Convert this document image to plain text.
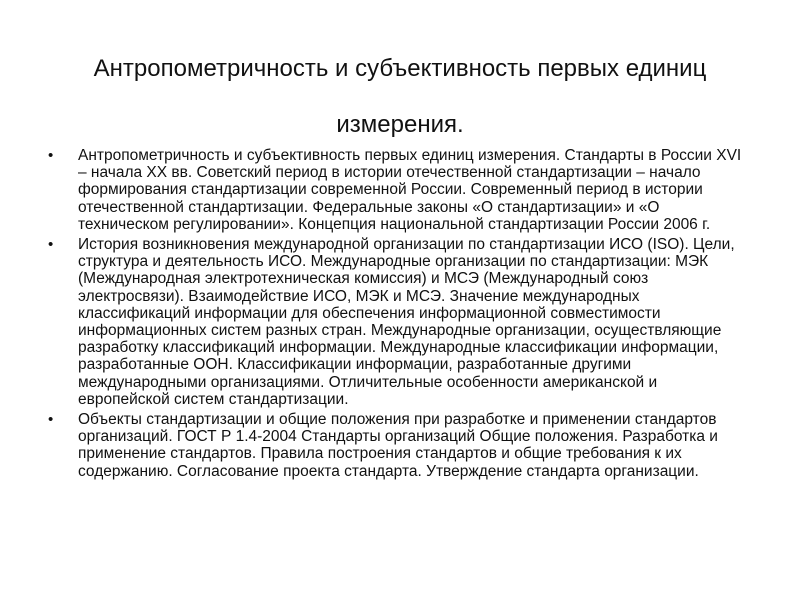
Антропометричность и субъективность первых единиц
измерения.
•	Антропометричность и субъективность первых единиц измерения. Стандарты в России XVI – начала XX вв. Советский период в истории отечественной стандартизации – начало формирования стандартизации современной России. Современный период в истории отечественной стандартизации. Федеральные законы «О стандартизации» и «О техническом регулировании». Концепция национальной стандартизации России 2006 г.
•	История возникновения международной организации по стандартизации ИСО (ISO). Цели, структура и деятельность ИСО. Международные организации по стандартизации: МЭК (Международная электротехническая комиссия) и МСЭ (Международный союз электросвязи). Взаимодействие ИСО, МЭК и МСЭ. Значение международных классификаций информации для обеспечения информационной совместимости информационных систем разных стран. Международные организации, осуществляющие разработку классификаций информации. Международные классификации информации, разработанные ООН. Классификации информации, разработанные другими международными организациями. Отличительные особенности американской и европейской систем стандартизации.
•	Объекты стандартизации и общие положения при разработке и применении стандартов организаций. ГОСТ Р 1.4-2004 Стандарты организаций Общие положения. Разработка и применение стандартов. Правила построения стандартов и общие требования к их содержанию. Согласование проекта стандарта. Утверждение стандарта организации.
